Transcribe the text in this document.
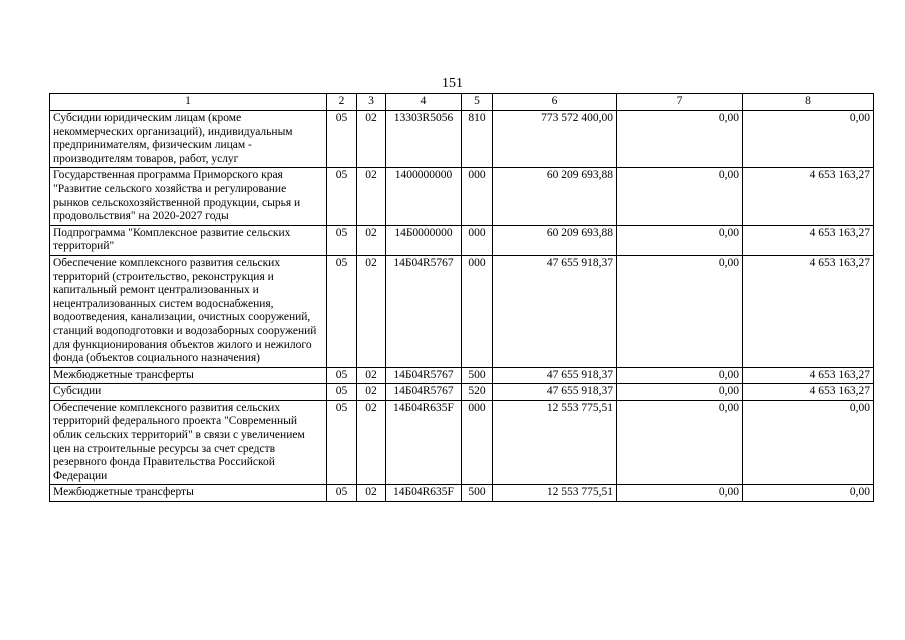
151
1	2	3	4	5	6	7	8
Субсидии юридическим лицам (кроме некоммерческих организаций), индивидуальным предпринимателям, физическим лицам - производителям товаров, работ, услуг	05	02	13303R5056	810	773 572 400,00	0,00	0,00
Государственная программа Приморского края "Развитие сельского хозяйства и регулирование рынков сельскохозяйственной продукции, сырья и продовольствия" на 2020-2027 годы	05	02	1400000000	000	60 209 693,88	0,00	4 653 163,27
Подпрограмма "Комплексное развитие сельских территорий"	05	02	14Б0000000	000	60 209 693,88	0,00	4 653 163,27
Обеспечение комплексного развития сельских территорий (строительство, реконструкция и капитальный ремонт централизованных и нецентрализованных систем водоснабжения, водоотведения, канализации, очистных сооружений, станций водоподготовки и водозаборных сооружений для функционирования объектов жилого и нежилого фонда (объектов социального назначения)	05	02	14Б04R5767	000	47 655 918,37	0,00	4 653 163,27
Межбюджетные трансферты	05	02	14Б04R5767	500	47 655 918,37	0,00	4 653 163,27
Субсидии	05	02	14Б04R5767	520	47 655 918,37	0,00	4 653 163,27
Обеспечение комплексного развития сельских территорий федерального проекта "Современный облик сельских территорий" в связи с увеличением цен на строительные ресурсы за счет средств резервного фонда Правительства Российской Федерации	05	02	14Б04R635F	000	12 553 775,51	0,00	0,00
Межбюджетные трансферты	05	02	14Б04R635F	500	12 553 775,51	0,00	0,00
